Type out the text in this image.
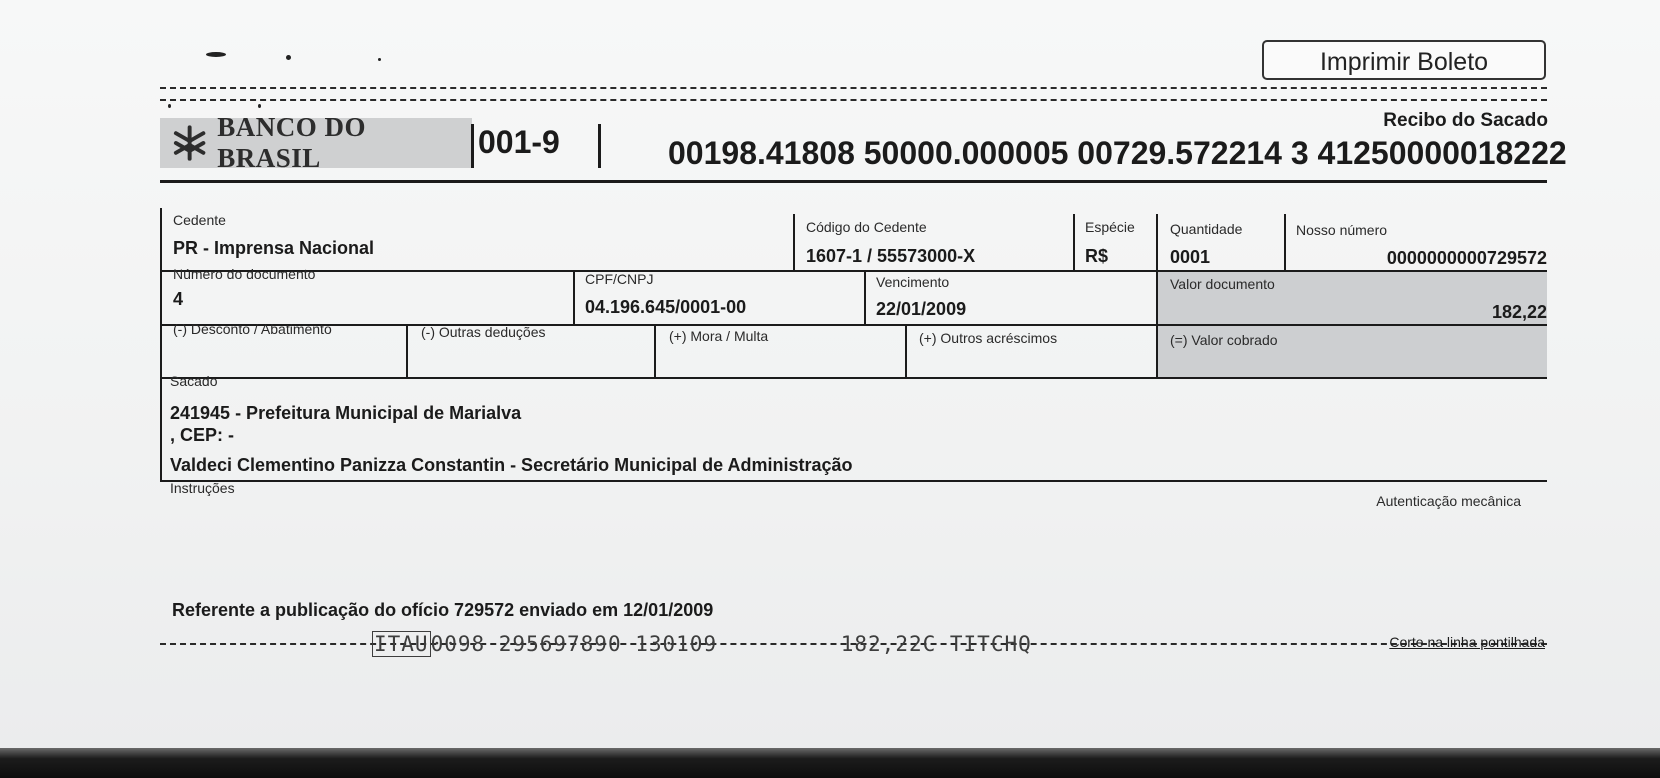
Imprimir Boleto
Recibo do Sacado
BANCO DO BRASIL	001-9	00198.41808 50000.000005 00729.572214 3 41250000018222
Cedente
PR - Imprensa Nacional
Código do Cedente
1607-1 / 55573000-X
Espécie
R$
Quantidade
0001
Nosso número
0000000000729572
Número do documento
4
CPF/CNPJ
04.196.645/0001-00
Vencimento
22/01/2009
Valor documento
182,22
(-) Desconto / Abatimento	(-) Outras deduções	(+) Mora / Multa	(+) Outros acréscimos	(=) Valor cobrado
Sacado
241945 - Prefeitura Municipal de Marialva
, CEP: -
Valdeci Clementino Panizza Constantin - Secretário Municipal de Administração
Instruções
Autenticação mecânica
Referente a publicação do ofício 729572 enviado em 12/01/2009
ITAU0098 295697890 130109	182,22C TITCHQ	Corte na linha pontilhada
